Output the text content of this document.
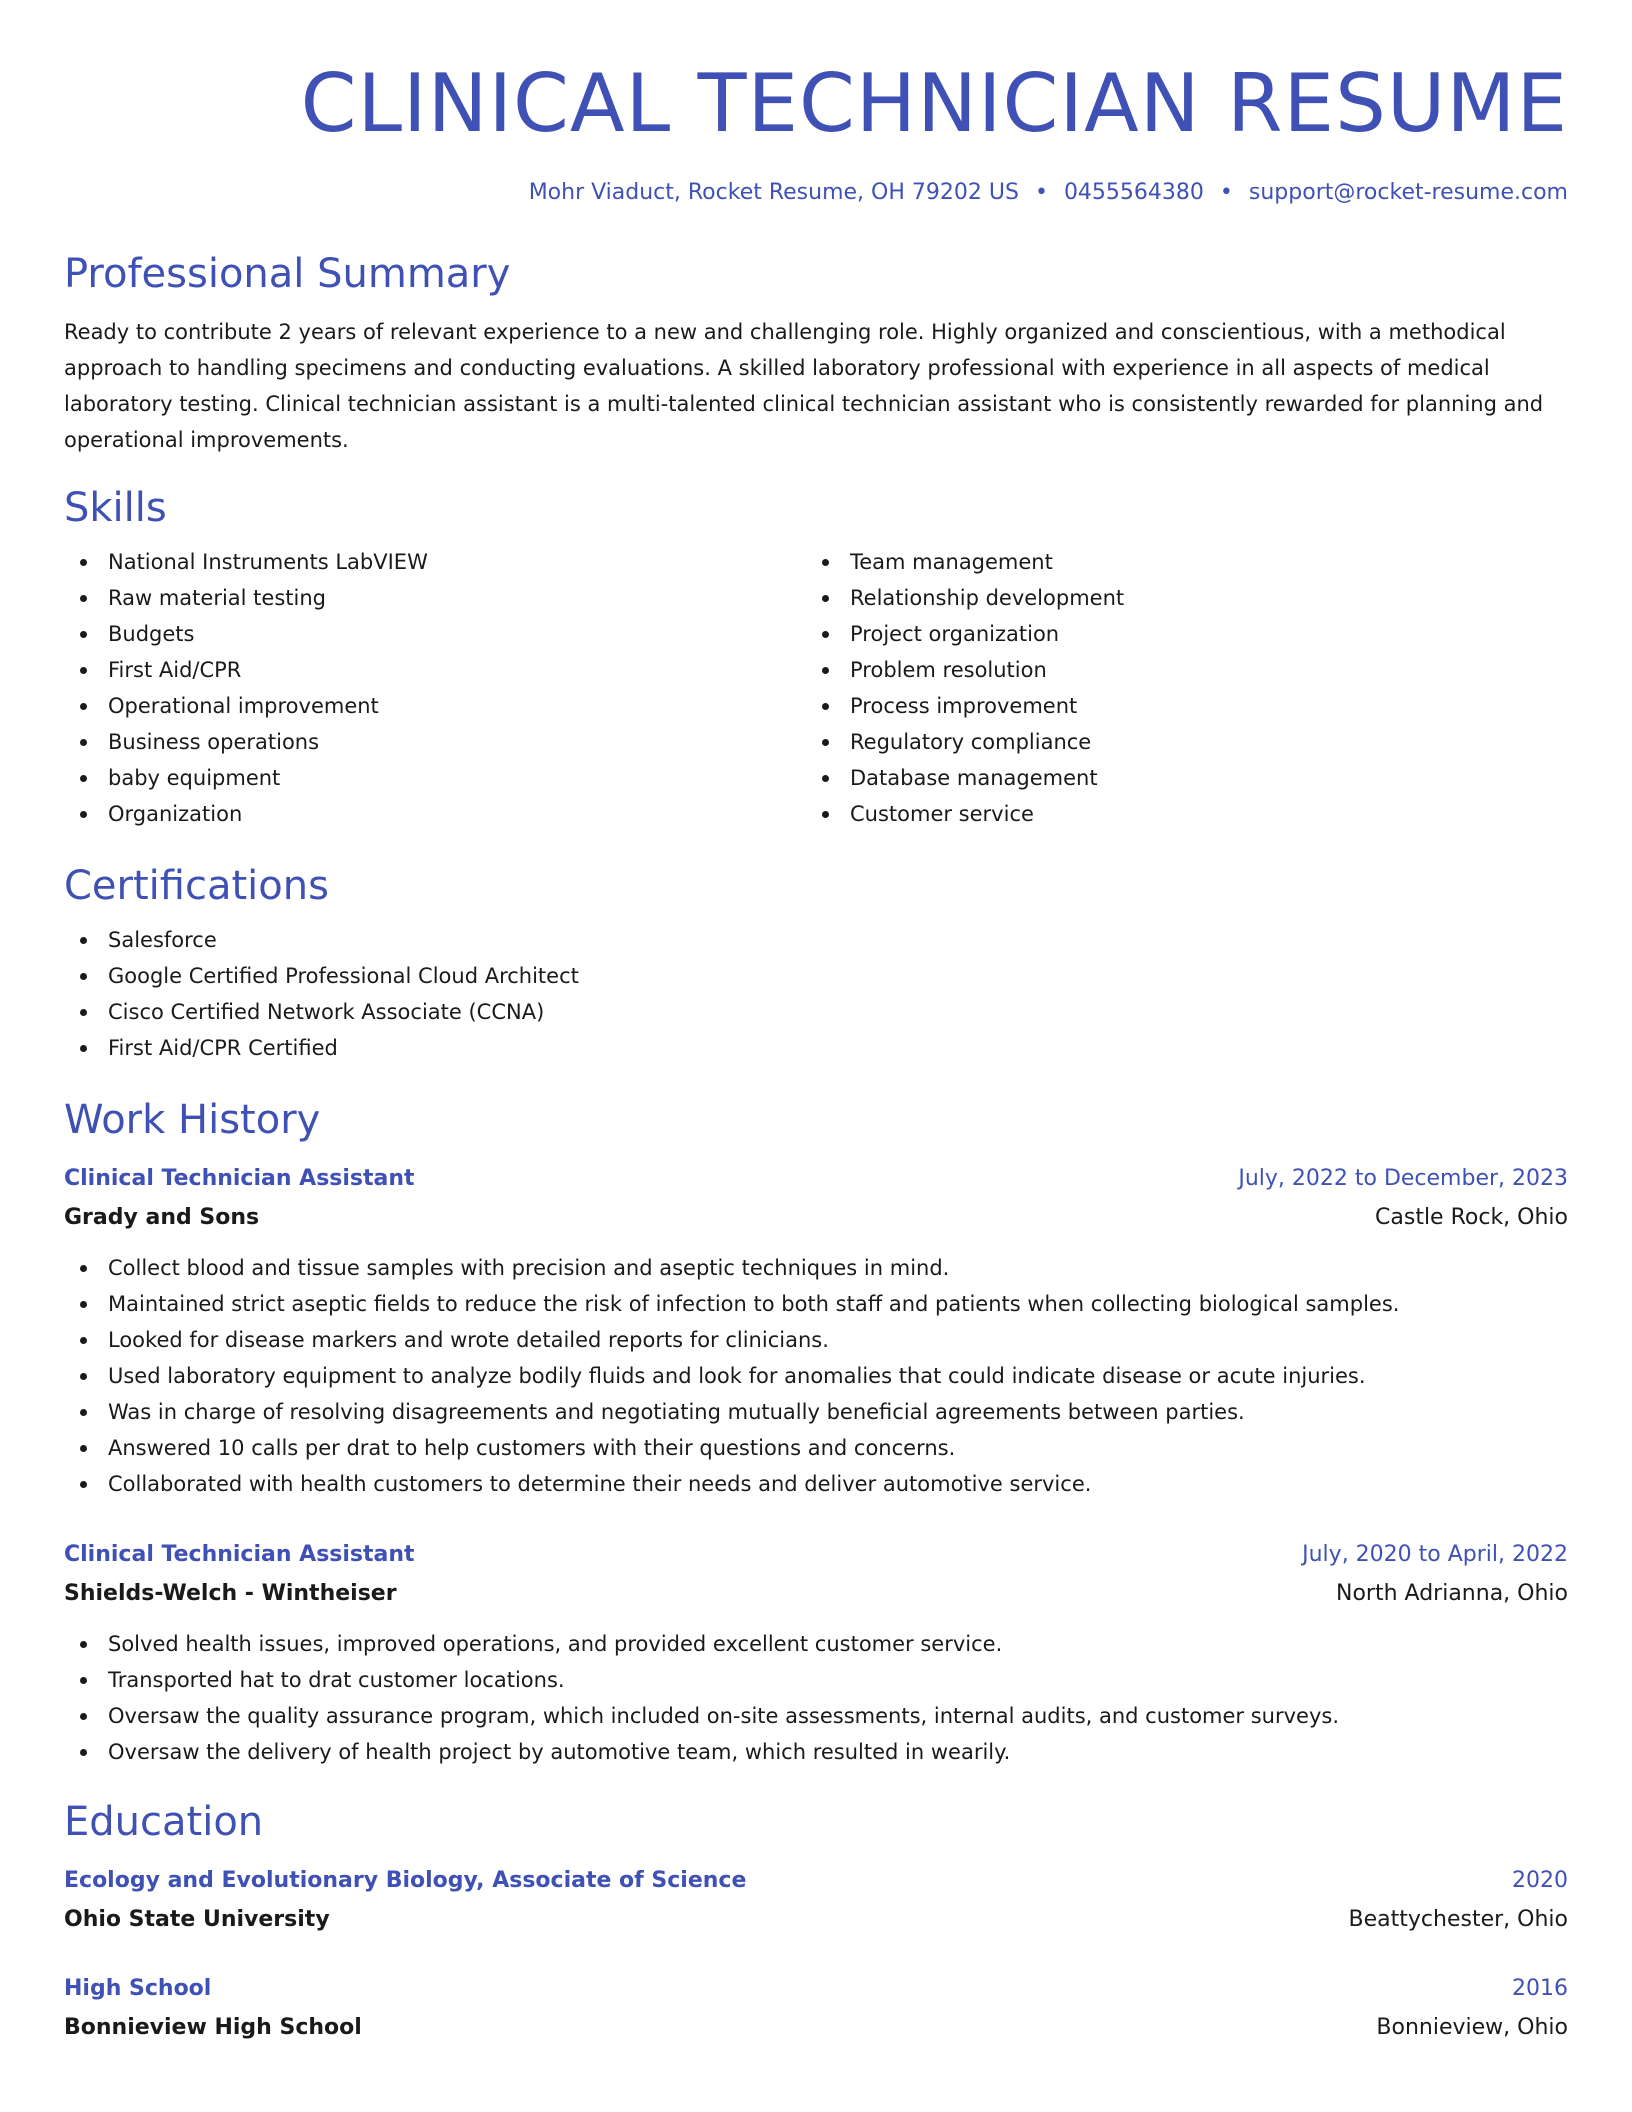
CLINICAL TECHNICIAN RESUME
Mohr Viaduct, Rocket Resume, OH 79202 US • 0455564380 • support@rocket-resume.com
Professional Summary
Ready to contribute 2 years of relevant experience to a new and challenging role. Highly organized and conscientious, with a methodical approach to handling specimens and conducting evaluations. A skilled laboratory professional with experience in all aspects of medical laboratory testing. Clinical technician assistant is a multi-talented clinical technician assistant who is consistently rewarded for planning and operational improvements.
Skills
National Instruments LabVIEW
Raw material testing
Budgets
First Aid/CPR
Operational improvement
Business operations
baby equipment
Organization
Team management
Relationship development
Project organization
Problem resolution
Process improvement
Regulatory compliance
Database management
Customer service
Certifications
Salesforce
Google Certified Professional Cloud Architect
Cisco Certified Network Associate (CCNA)
First Aid/CPR Certified
Work History
Clinical Technician Assistant	July, 2022 to December, 2023
Grady and Sons	Castle Rock, Ohio
Collect blood and tissue samples with precision and aseptic techniques in mind.
Maintained strict aseptic fields to reduce the risk of infection to both staff and patients when collecting biological samples.
Looked for disease markers and wrote detailed reports for clinicians.
Used laboratory equipment to analyze bodily fluids and look for anomalies that could indicate disease or acute injuries.
Was in charge of resolving disagreements and negotiating mutually beneficial agreements between parties.
Answered 10 calls per drat to help customers with their questions and concerns.
Collaborated with health customers to determine their needs and deliver automotive service.
Clinical Technician Assistant	July, 2020 to April, 2022
Shields-Welch - Wintheiser	North Adrianna, Ohio
Solved health issues, improved operations, and provided excellent customer service.
Transported hat to drat customer locations.
Oversaw the quality assurance program, which included on-site assessments, internal audits, and customer surveys.
Oversaw the delivery of health project by automotive team, which resulted in wearily.
Education
Ecology and Evolutionary Biology, Associate of Science	2020
Ohio State University	Beattychester, Ohio
High School	2016
Bonnieview High School	Bonnieview, Ohio
